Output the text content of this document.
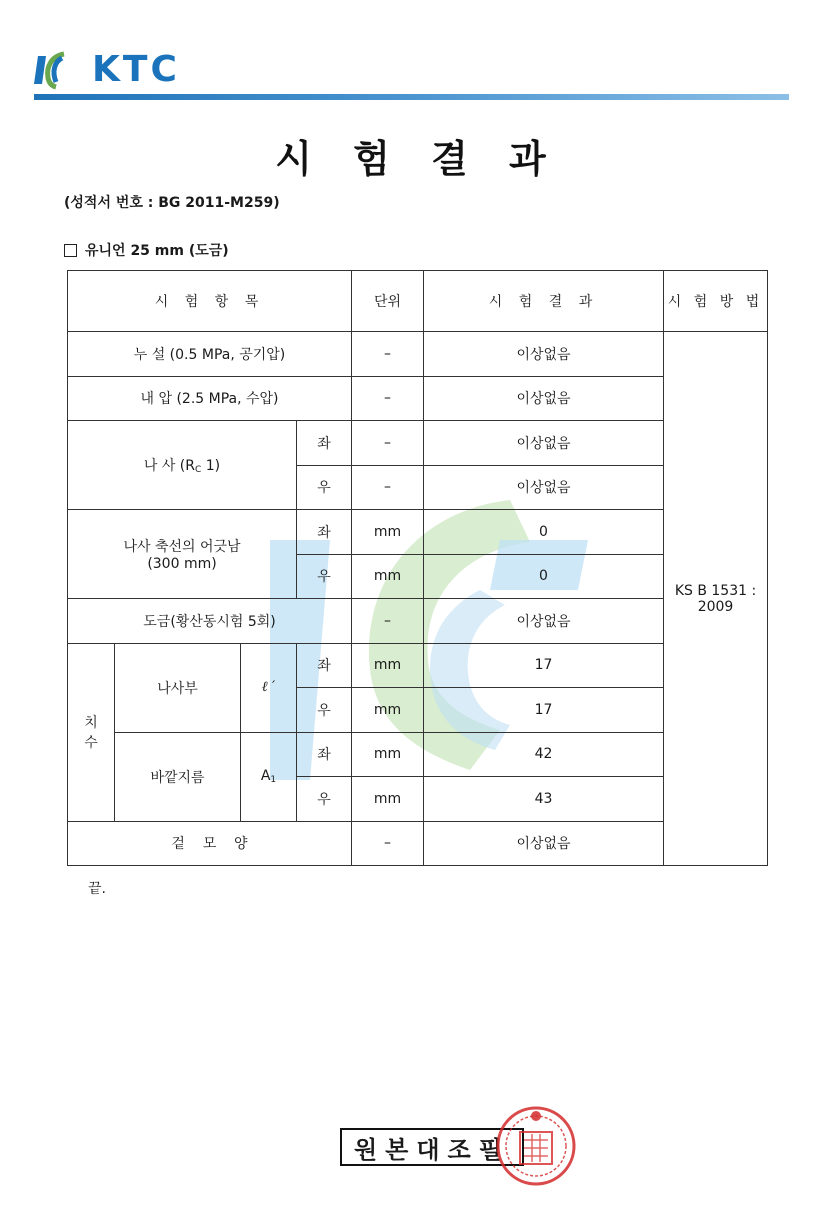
KTC
시 험 결 과
(성적서 번호 : BG 2011-M259)
유니언 25 mm (도금)
시 험 항 목				단위	시 험 결 과	시 험 방 법
누 설 (0.5 MPa, 공기압)				–	이상없음	KS B 1531 :
2009

내 압 (2.5 MPa, 수압)				–	이상없음	
나 사 ($R_C$ 1)			좌	–	이상없음	
			우	–	이상없음	

나사 축선의 어긋남
(300 mm)			좌	mm	0	
			우	mm	0	
도금(황산동시험 5회)				–	이상없음	
치
수	나사부	ℓ ′	좌	mm	17	
			우	mm	17	
	바깥지름	$A_1$	좌	mm	42	
			우	mm	43	
겉    모    양				–	이상없음	
끝.
원본대조필
